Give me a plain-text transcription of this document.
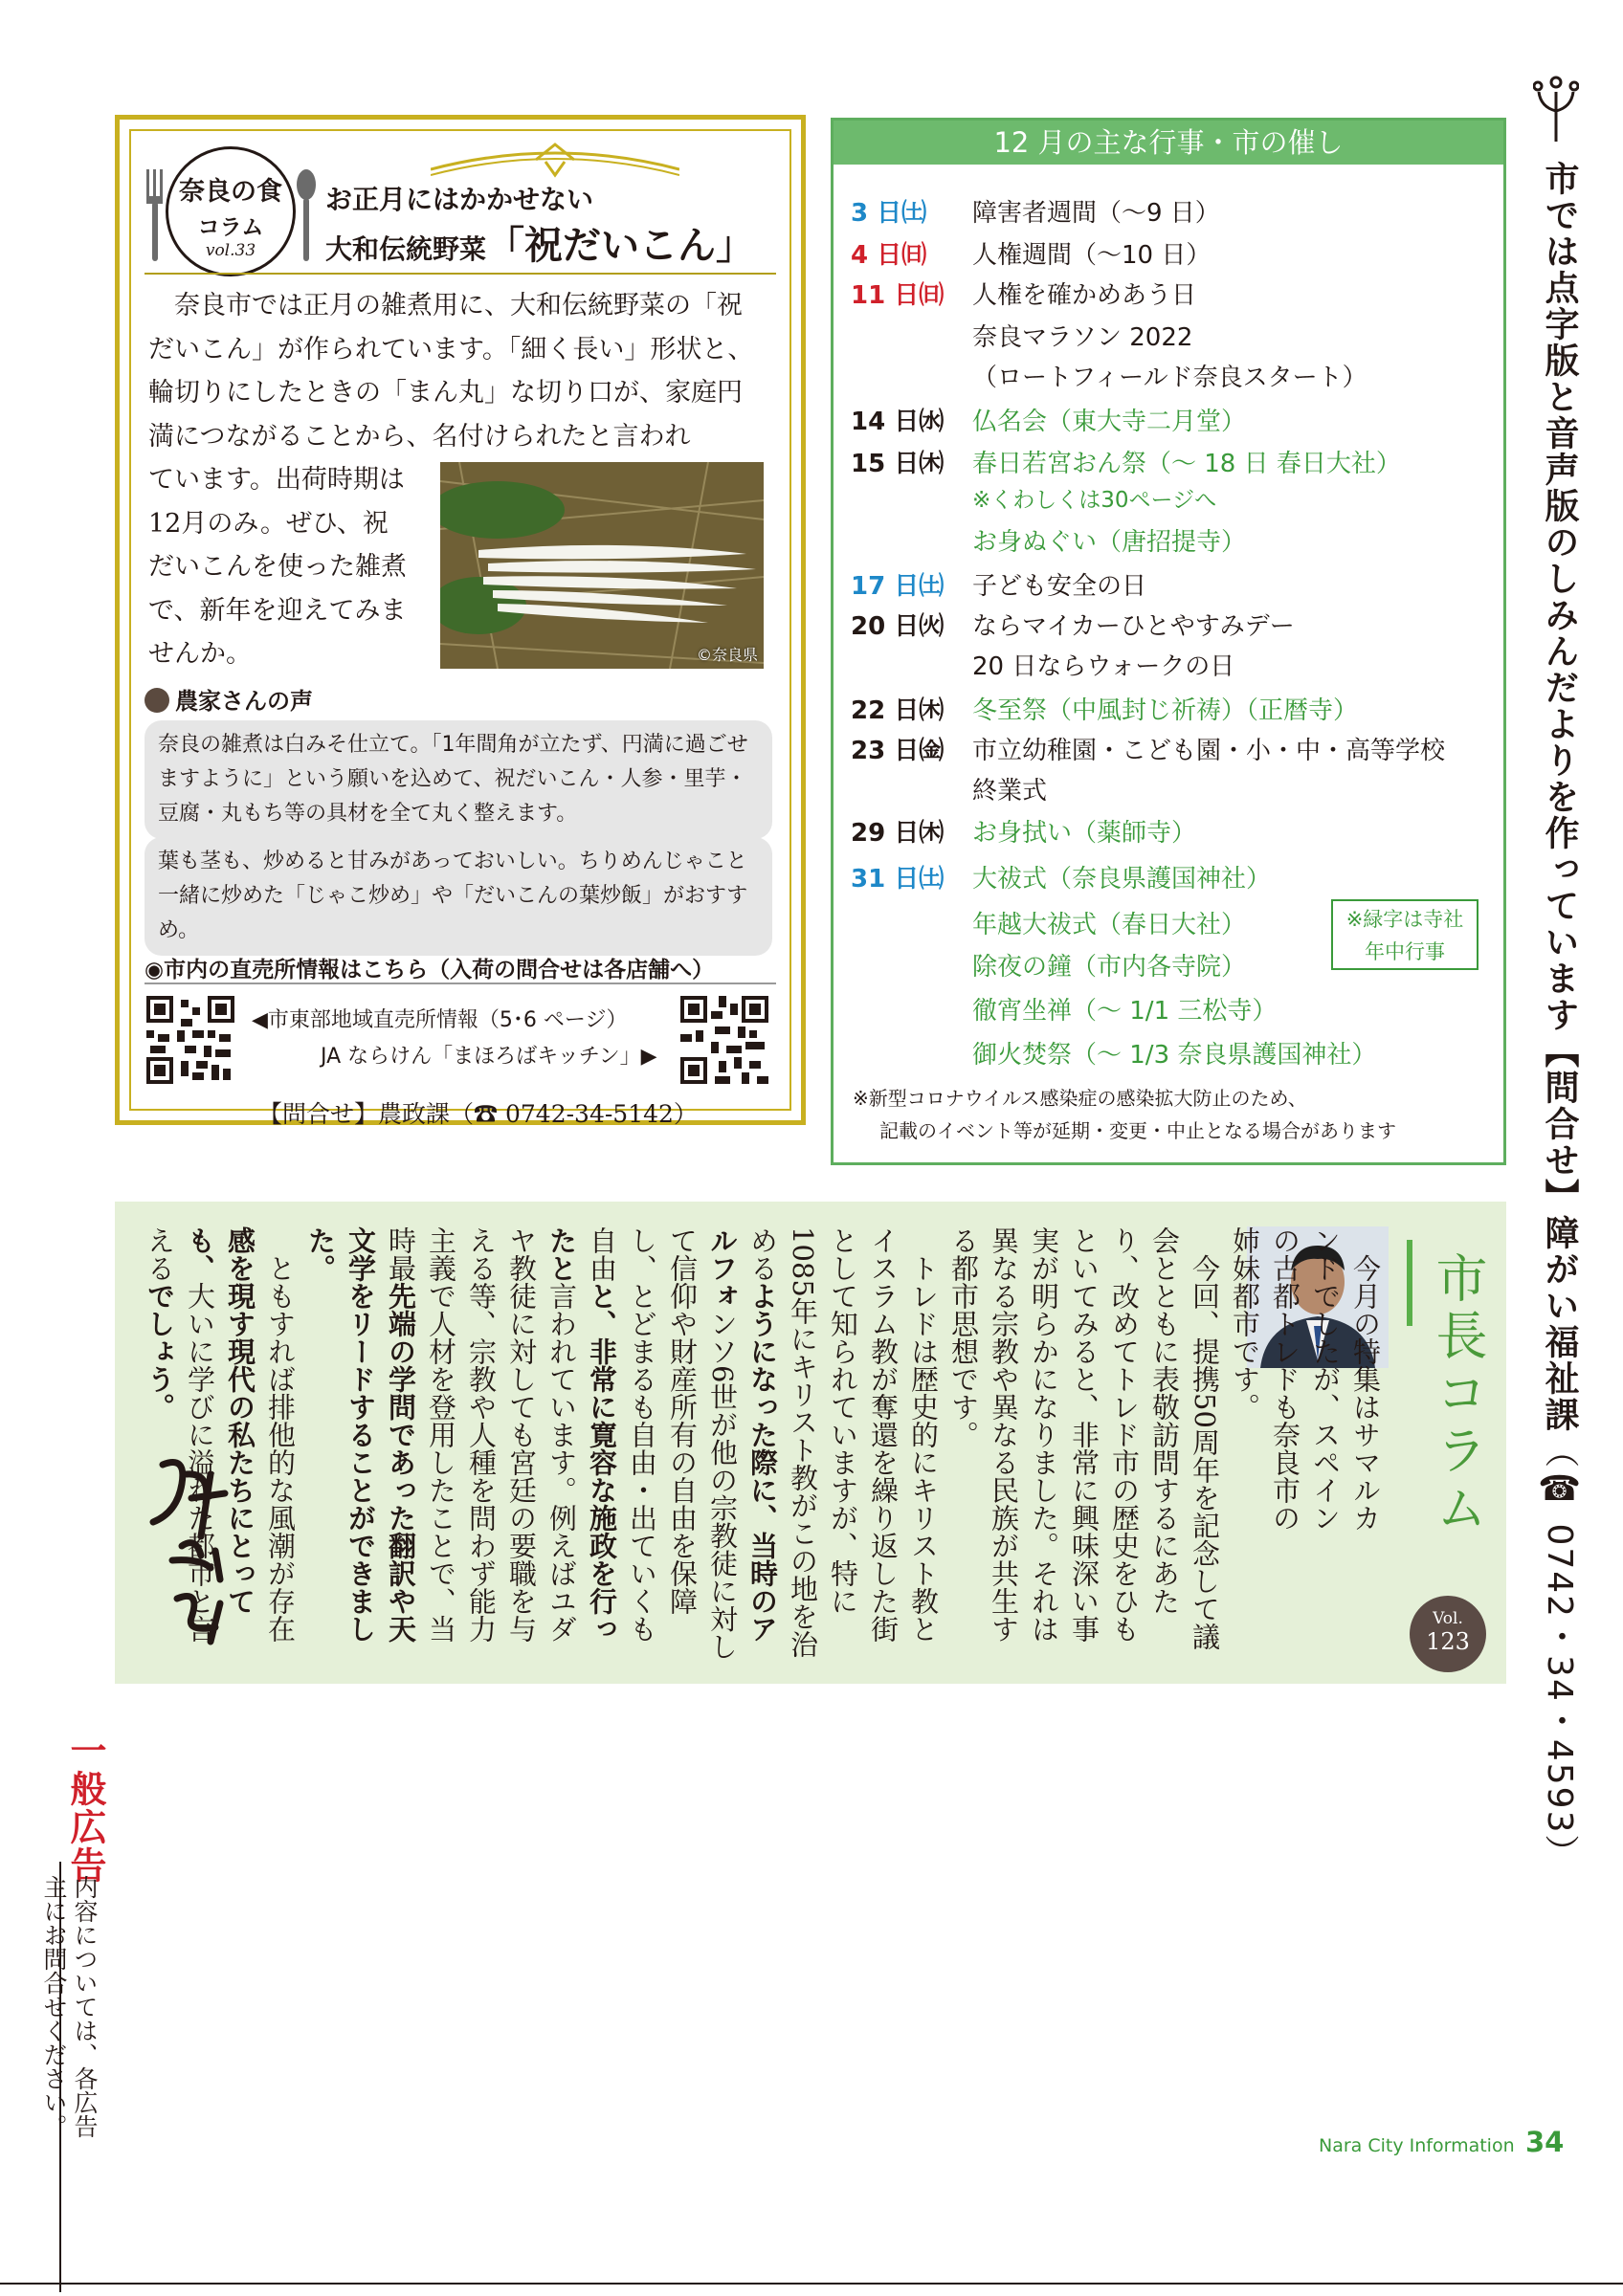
奈良の食
コラム
vol.33
お正月にはかかせない
大和伝統野菜「祝だいこん」

奈良市では正月の雑煮用に、大和伝統野菜の「祝だいこん」が作られています。「細く長い」形状と、輪切りにしたときの「まん丸」な切り口が、家庭円満につながることから、名付けられたと言われ

ています。出荷時期は
12月のみ。ぜひ、祝
だいこんを使った雑煮
で、新年を迎えてみま
せんか。	©奈良県
農家さんの声
奈良の雑煮は白みそ仕立て。「1年間角が立たず、円満に過ごせますように」という願いを込めて、祝だいこん・人参・里芋・豆腐・丸もち等の具材を全て丸く整えます。
葉も茎も、炒めると甘みがあっておいしい。ちりめんじゃこと一緒に炒めた「じゃこ炒め」や「だいこんの葉炒飯」がおすすめ。
◉市内の直売所情報はこちら（入荷の問合せは各店舗へ）
◀市東部地域直売所情報（5･6 ページ）
JA ならけん「まほろばキッチン」▶
【問合せ】農政課（☎ 0742-34-5142）
12 月の主な行事・市の催し
3 日㈯	障害者週間（～9 日）
4 日㈰	人権週間（～10 日）
11 日㈰	人権を確かめあう日
奈良マラソン 2022
（ロートフィールド奈良スタート）
14 日㈬	仏名会（東大寺二月堂）
15 日㈭	春日若宮おん祭（～ 18 日 春日大社）
※くわしくは30ページへ
お身ぬぐい（唐招提寺）
17 日㈯	子ども安全の日
20 日㈫	ならマイカーひとやすみデー
20 日ならウォークの日
22 日㈭	冬至祭（中風封じ祈祷）（正暦寺）
23 日㈮	市立幼稚園・こども園・小・中・高等学校
終業式
29 日㈭	お身拭い（薬師寺）
31 日㈯	大祓式（奈良県護国神社）
年越大祓式（春日大社）
除夜の鐘（市内各寺院）
徹宵坐禅（～ 1/1 三松寺）
御火焚祭（～ 1/3 奈良県護国神社）
※緑字は寺社
年中行事
※新型コロナウイルス感染症の感染拡大防止のため、
記載のイベント等が延期・変更・中止となる場合があります
市長コラム
Vol.
123

今月の特集はサマルカンドでしたが、スペインの古都トレドも奈良市の姉妹都市です。

今回、提携50周年を記念して議会とともに表敬訪問するにあたり、改めてトレド市の歴史をひもといてみると、非常に興味深い事実が明らかになりました。それは異なる宗教や異なる民族が共生する都市思想です。

トレドは歴史的にキリスト教とイスラム教が奪還を繰り返した街として知られていますが、特に1085年にキリスト教がこの地を治めるようになった際に、当時のアルフォンソ6世が他の宗教徒に対して信仰や財産所有の自由を保障し、とどまるも自由・出ていくも自由と、非常に寛容な施政を行ったと言われています。例えばユダヤ教徒に対しても宮廷の要職を与える等、宗教や人種を問わず能力主義で人材を登用したことで、当時最先端の学問であった翻訳や天文学をリードすることができました。

ともすれば排他的な風潮が存在感を現す現代の私たちにとっても、大いに学びに溢れた都市と言えるでしょう。	市では点字版と音声版のしみんだよりを作っています【問合せ】障がい福祉課（☎ 0742・34・4593）
一般広告
内容については、各広告主にお問合せください。
Nara City Information 34
